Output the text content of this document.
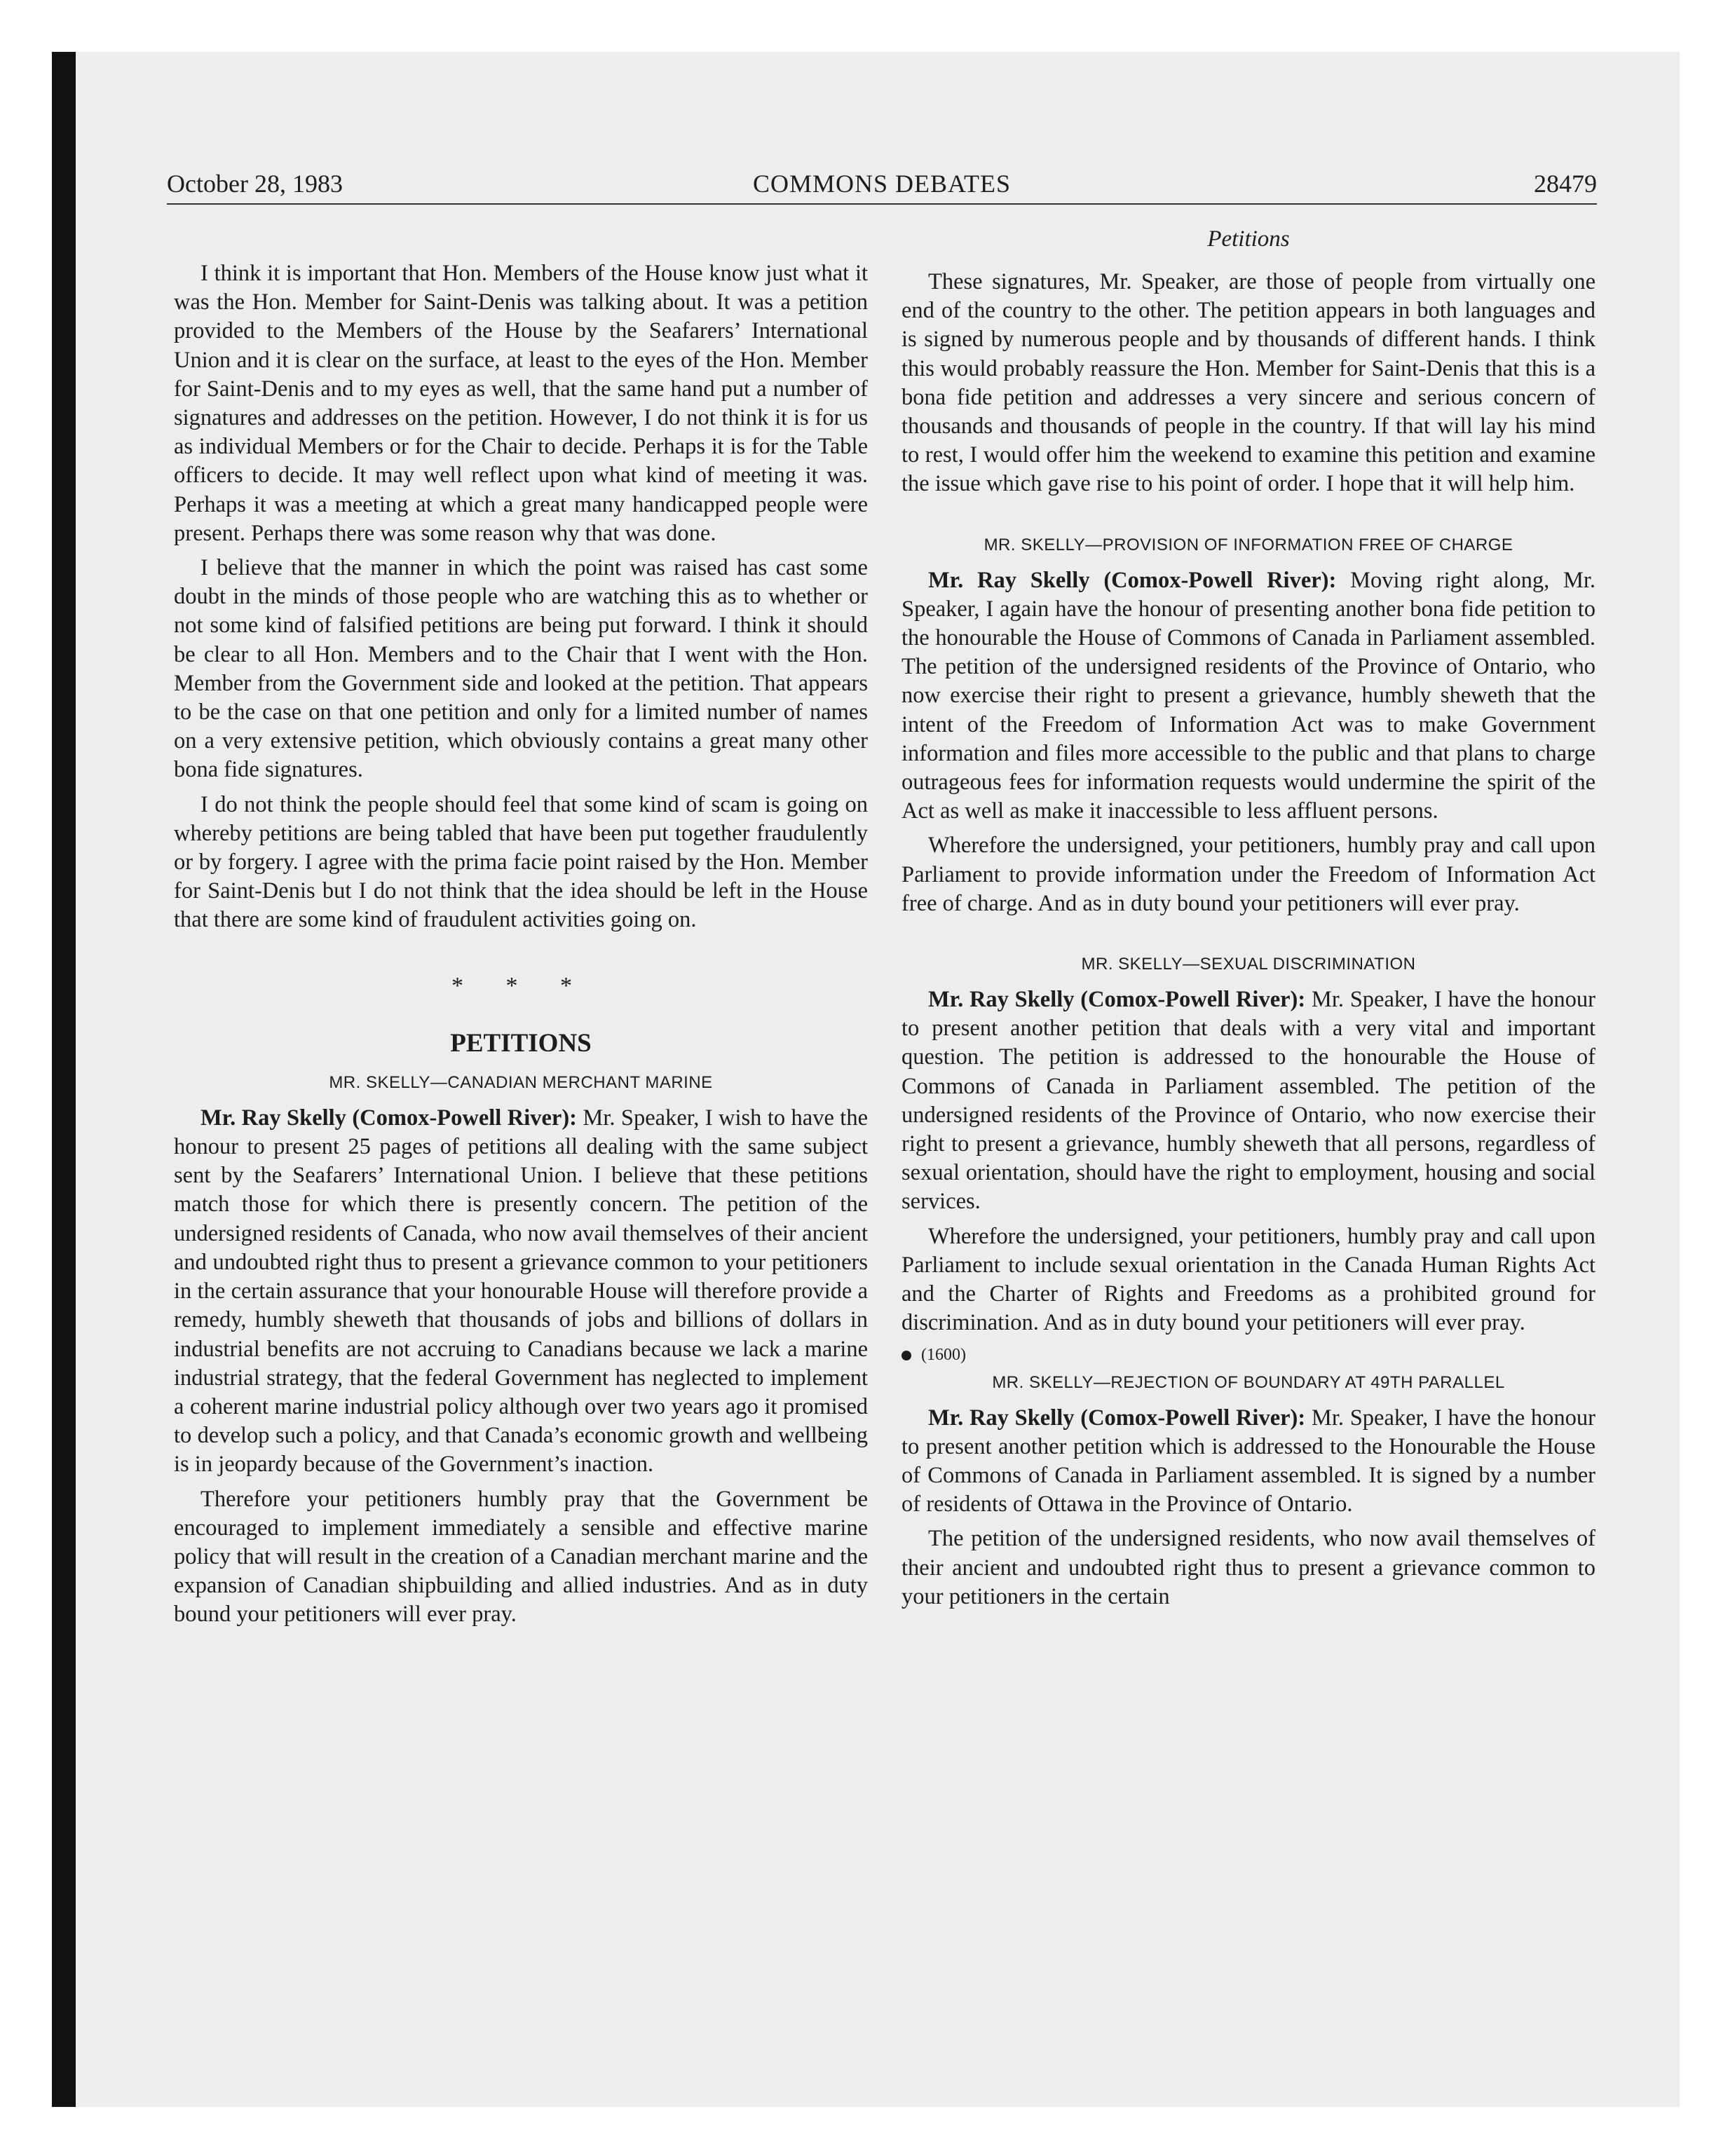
October 28, 1983	COMMONS DEBATES	28479

I think it is important that Hon. Members of the House know just what it was the Hon. Member for Saint-Denis was talking about. It was a petition provided to the Members of the House by the Seafarers’ International Union and it is clear on the surface, at least to the eyes of the Hon. Member for Saint-Denis and to my eyes as well, that the same hand put a number of signatures and addresses on the petition. However, I do not think it is for us as individual Members or for the Chair to decide. Perhaps it is for the Table officers to decide. It may well reflect upon what kind of meeting it was. Perhaps it was a meeting at which a great many handicapped people were present. Perhaps there was some reason why that was done.

I believe that the manner in which the point was raised has cast some doubt in the minds of those people who are watching this as to whether or not some kind of falsified petitions are being put forward. I think it should be clear to all Hon. Members and to the Chair that I went with the Hon. Member from the Government side and looked at the petition. That appears to be the case on that one petition and only for a limited number of names on a very extensive petition, which obviously contains a great many other bona fide signatures.

I do not think the people should feel that some kind of scam is going on whereby petitions are being tabled that have been put together fraudulently or by forgery. I agree with the prima facie point raised by the Hon. Member for Saint-Denis but I do not think that the idea should be left in the House that there are some kind of fraudulent activities going on.

* * *
PETITIONS
MR. SKELLY—CANADIAN MERCHANT MARINE

Mr. Ray Skelly (Comox-Powell River): Mr. Speaker, I wish to have the honour to present 25 pages of petitions all dealing with the same subject sent by the Seafarers’ International Union. I believe that these petitions match those for which there is presently concern. The petition of the undersigned residents of Canada, who now avail themselves of their ancient and undoubted right thus to present a grievance common to your petitioners in the certain assurance that your honourable House will therefore provide a remedy, humbly sheweth that thousands of jobs and billions of dollars in industrial benefits are not accruing to Canadians because we lack a marine industrial strategy, that the federal Government has neglected to implement a coherent marine industrial policy although over two years ago it promised to develop such a policy, and that Canada’s economic growth and wellbeing is in jeopardy because of the Government’s inaction.

Therefore your petitioners humbly pray that the Government be encouraged to implement immediately a sensible and effective marine policy that will result in the creation of a Canadian merchant marine and the expansion of Canadian shipbuilding and allied industries. And as in duty bound your petitioners will ever pray.

Petitions

These signatures, Mr. Speaker, are those of people from virtually one end of the country to the other. The petition appears in both languages and is signed by numerous people and by thousands of different hands. I think this would probably reassure the Hon. Member for Saint-Denis that this is a bona fide petition and addresses a very sincere and serious concern of thousands and thousands of people in the country. If that will lay his mind to rest, I would offer him the weekend to examine this petition and examine the issue which gave rise to his point of order. I hope that it will help him.

MR. SKELLY—PROVISION OF INFORMATION FREE OF CHARGE

Mr. Ray Skelly (Comox-Powell River): Moving right along, Mr. Speaker, I again have the honour of presenting another bona fide petition to the honourable the House of Commons of Canada in Parliament assembled. The petition of the undersigned residents of the Province of Ontario, who now exercise their right to present a grievance, humbly sheweth that the intent of the Freedom of Information Act was to make Government information and files more accessible to the public and that plans to charge outrageous fees for information requests would undermine the spirit of the Act as well as make it inaccessible to less affluent persons.

Wherefore the undersigned, your petitioners, humbly pray and call upon Parliament to provide information under the Freedom of Information Act free of charge. And as in duty bound your petitioners will ever pray.

MR. SKELLY—SEXUAL DISCRIMINATION

Mr. Ray Skelly (Comox-Powell River): Mr. Speaker, I have the honour to present another petition that deals with a very vital and important question. The petition is addressed to the honourable the House of Commons of Canada in Parliament assembled. The petition of the undersigned residents of the Province of Ontario, who now exercise their right to present a grievance, humbly sheweth that all persons, regardless of sexual orientation, should have the right to employment, housing and social services.

Wherefore the undersigned, your petitioners, humbly pray and call upon Parliament to include sexual orientation in the Canada Human Rights Act and the Charter of Rights and Freedoms as a prohibited ground for discrimination. And as in duty bound your petitioners will ever pray.

(1600)
MR. SKELLY—REJECTION OF BOUNDARY AT 49TH PARALLEL

Mr. Ray Skelly (Comox-Powell River): Mr. Speaker, I have the honour to present another petition which is addressed to the Honourable the House of Commons of Canada in Parliament assembled. It is signed by a number of residents of Ottawa in the Province of Ontario.

The petition of the undersigned residents, who now avail themselves of their ancient and undoubted right thus to present a grievance common to your petitioners in the certain
